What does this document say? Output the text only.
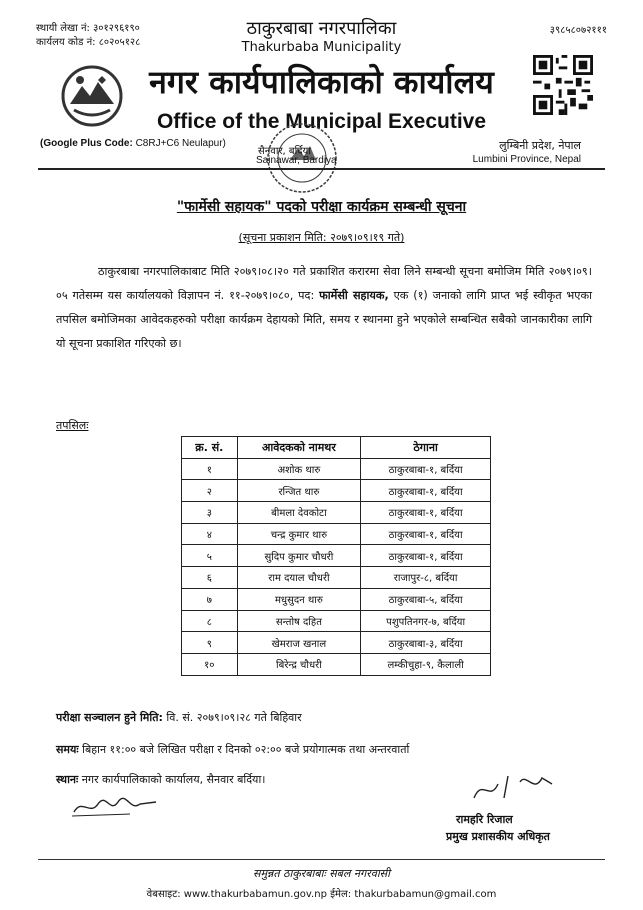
स्थायी लेखा नं: ३०१२९६१९०
कार्यलय कोड नं: ८०२०५१२८
३९८५८०७२१११
ठाकुरबाबा नगरपालिका
Thakurbaba Municipality
नगर कार्यपालिकाको कार्यालय
Office of the Municipal Executive
(Google Plus Code: C8RJ+C6 Neulapur)
सैनवार, बर्दिया
Sainawar, Bardiya
लुम्बिनी प्रदेश, नेपाल
Lumbini Province, Nepal
"फार्मेसी सहायक" पदको परीक्षा कार्यक्रम सम्बन्धी सूचना
(सूचना प्रकाशन मिति: २०७९।०९।१९ गते)
ठाकुरबाबा नगरपालिकाबाट मिति २०७९।०८।२० गते प्रकाशित करारमा सेवा लिने सम्बन्धी सूचना बमोजिम मिति २०७९।०९।०५ गतेसम्म यस कार्यालयको विज्ञापन नं. ११-२०७९।०८०, पद: फार्मेसी सहायक, एक (१) जनाको लागि प्राप्त भई स्वीकृत भएका तपसिल बमोजिमका आवेदकहरुको परीक्षा कार्यक्रम देहायको मिति, समय र स्थानमा हुने भएकोले सम्बन्धित सबैको जानकारीका लागि यो सूचना प्रकाशित गरिएको छ।
तपसिलः
क्र. सं.	आवेदकको नामथर	ठेगाना
१	अशोक थारु	ठाकुरबाबा-१, बर्दिया
२	रन्जित थारु	ठाकुरबाबा-१, बर्दिया
३	बीमला देवकोटा	ठाकुरबाबा-१, बर्दिया
४	चन्द्र कुमार थारु	ठाकुरबाबा-१, बर्दिया
५	सुदिप कुमार चौधरी	ठाकुरबाबा-१, बर्दिया
६	राम दयाल चौधरी	राजापुर-८, बर्दिया
७	मधुसुदन थारु	ठाकुरबाबा-५, बर्दिया
८	सन्तोष दहित	पशुपतिनगर-७, बर्दिया
९	खेमराज खनाल	ठाकुरबाबा-३, बर्दिया
१०	बिरेन्द्र चौधरी	लम्कीचुहा-९, कैलाली
परीक्षा सञ्चालन हुने मिति: वि. सं. २०७९।०९।२८ गते बिहिवार
समयः बिहान ११:०० बजे लिखित परीक्षा र दिनको ०२:०० बजे प्रयोगात्मक तथा अन्तरवार्ता
स्थानः नगर कार्यपालिकाको कार्यालय, सैनवार बर्दिया।
रामहरि रिजाल
प्रमुख प्रशासकीय अधिकृत
समुन्नत ठाकुरबाबाः सबल नगरवासी
वेबसाइट: www.thakurbabamun.gov.np ईमेल: thakurbabamun@gmail.com
